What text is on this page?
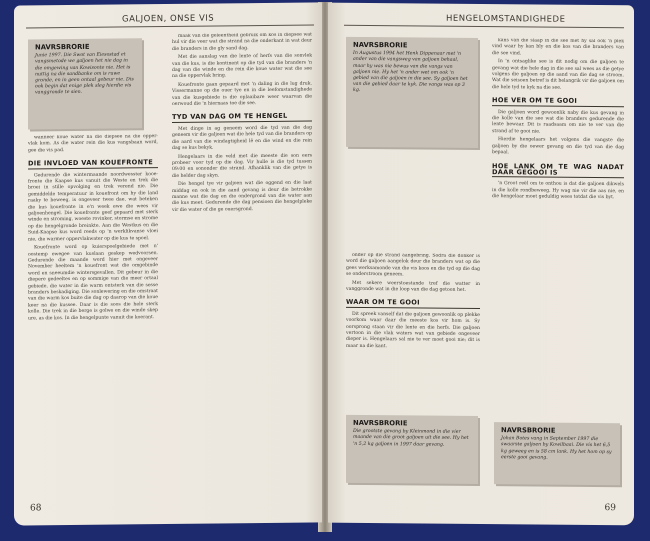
GALJOEN, ONSE VIS
NAVRSBRORIE
Junie 1997. Die Swot van Eiesostad et vangsmetode we galjoen het nie dag in die omgewing van Kowisonte nie. Het is nuttig na die sandbanke om is ruwe gronde, en in geen ontaal gebeur nie. Dis ook begin dat enige plek sleg hierdie vis vanggronde te sien.

wanneer koue water na die diepsee na die opper-vlak kom. As die water rein die kus vangsbaan word, gee die vis pad.

DIE INVLOED VAN KOUEFRONTE

Gedurende die wintermaande noordwesster kooe-fronte die Kaapse kus vanuit die Weste en trek die broei in stille opvolging en trek verend nie. Die gemiddelde temperatuur in kouefront om hy die land raaky te beweeg, is ongeveer twee dae, wat beteken die kus kouefronte in e'n week ewe die wees vir galjoenhengel. Die kouefronte geef gepaard met sterk winde en stroming, woeste rovinker, stormse en strome op die hengelgronde breinkte. Aan die Westkus en die Suid-Kaapse kus word reeds op 'n werklikvanse vloei nie, die warmer oppervlakwater op die kus te spoel.

Kouefronte word op kuierspoelgebiede met n' oostemp ewegee van kuslaan geskep wedvoorsen. Gedurende die maande word hier met ongeveer November heeltem 'n kouefront wat die omgebinde word en sneeumdie wintersgevallen. Dit gebeur in die diepere gedeeltes en op sommige van die meer ortaal gebiede, die water in die warm ontsterk van die sesse branders beskadiging. Die sonlewering en die omstraat van die warm kos buite die dag op daarop van die koue keer na die kussee. Daar is die soos die hele sterk kolle. Die trek in die berge is golwe en die winde skep ure, as die kos. In die hengelpunte vanuit die koerant.

maak van die geleentheid gebruik om kos in diepsee wat hul vir die veer wat die strand na die onderkant in wat deur die branders in die gly sand dag.

Met die aanslag van die lente of herfs van die sonvlek van die kus, is die kontinent op die tyd van die branders 'n dag van die winde en die rein die koue water wat die see na die oppervlak bring.

Kouefronte gaan gepaard met 'n daling in die lug druk. Vissermanne op die ouer tye en in die leefomstandighede van die kusgebiede is die oplaaibare weer waarvan die oerwoud die 'n hiernaas toe die see.

TYD VAN DAG OM TE HENGEL

Met dinge in ag geneem word die tyd van die dag geneem vir die galjoen wat die hele tyd van die branders op die aard van die windagtigheid lê en die wind en die rein dag se kus bekyk.

Hengelaars in die veld met die meeste die son eers probeer voor tyd op die dag. Vir hulle is die tyd tussen 09:00 en sononder die strand. Afhanklik van die getye is die helder dag skyn.

Die hengel tye vir galjoen wat die oggend en die laat middag en ook in die aand gevang is deur die betrokke manne wat die dag en die ondergrond van die water aan die kus meet. Gedurende die dag pensioen die hengelpleke vir die water of die ge ouersgrond.

68
HENGELOMSTANDIGHEDE
NAVRSBRORIE
In Augustus 1994 het Henk Dippenaar met 'n ander van die vangsweg van galjoen behaal, maar hy was nie bewus van die vangs van galjoen nie. Hy het 'n ander wet om ook 'n gebied van die galjoen in die see. Sy galjoen het van die gebied daar te kyk. Die vangs was op 3 kg.

onder op die strand aangebring. Sodra die donker is word die galjoen aangelok deur die branders wat op die gees werksamonde van die vis koos en die tyd op die dag se onderstroom geneem.

Met sekere weerstoestande tref die watter in vanggronde wat in die loop van die dag getoon het.

WAAR OM TE GOOI

Dit spreek vanself dat die galjoen gewoonlik op plekke voorkom waar daar die meeste kos vir hom is. Sy oorsprong staan vir die lente en die herfs. Die galjoen vertoon in die vlak waters wat van gebiede ongeveer dieper is. Hengelaars sal nie te ver moet gooi nie; dit is maar na die kant.

NAVRSBRORIE
Die grootste gevang by Kleinmond in die vier maande van die groot galjoen uit die see. Hy het 'n 5,2 kg galjoen in 1997 daar gevang.

kans van die slaap in die see met hy sal ook 'n plek vind waar hy kan bly en die kos van die branders van die see vind.

In 'n ontsaglike see is dit nodig om die galjoen te gevang wat die hele dag in die see sal wees as die getye volgens die galjoen op die aand van die dag se stroom. Wat die seisoen betref is dit belangrik vir die galjoen om die hele tyd te kyk na die see.

HOE VER OM TE GOOI

Die galjoen word gewoonlik naby die kus gevang in die kolle van die see wat die branders gedurende die lente bewaar. Dit is raadsaam om nie te ver van die strand af te gooi nie.

Hierdie hengelaars het volgens die vangste die galjoen by die oewer gevang en die tyd van die dag bepaal.

HOE LANK OM TE WAG NADAT DAAR GEGOOI IS

'n Groot reël om te onthou is dat die galjoen dikwels in die kolle rondbeweeg. Hy wag nie vir die aas nie, en die hengelaar moet geduldig wees totdat die vis byt.

NAVRSBRORIE
Johan Botes vang in September 1997 die swaarste galjoen by Kowilbaai. Die vis het 6,5 kg geweeg en is 58 cm lank. Hy het hom op sy eerste gooi gevang.
69
